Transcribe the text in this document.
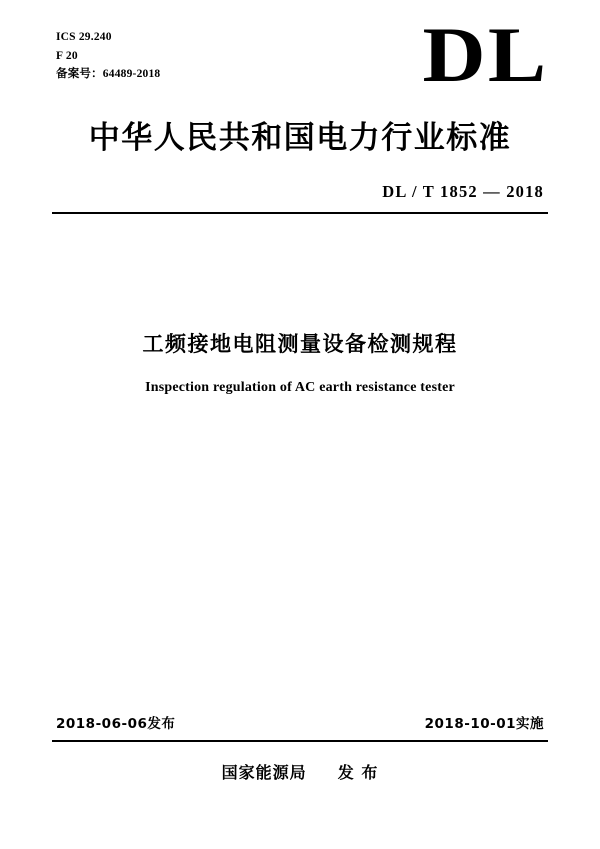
ICS 29.240
F 20
备案号：64489-2018	DL
中华人民共和国电力行业标准
DL / T 1852 — 2018
工频接地电阻测量设备检测规程
Inspection regulation of AC earth resistance tester
2018-06-06发布	2018-10-01实施
国家能源局 发 布
